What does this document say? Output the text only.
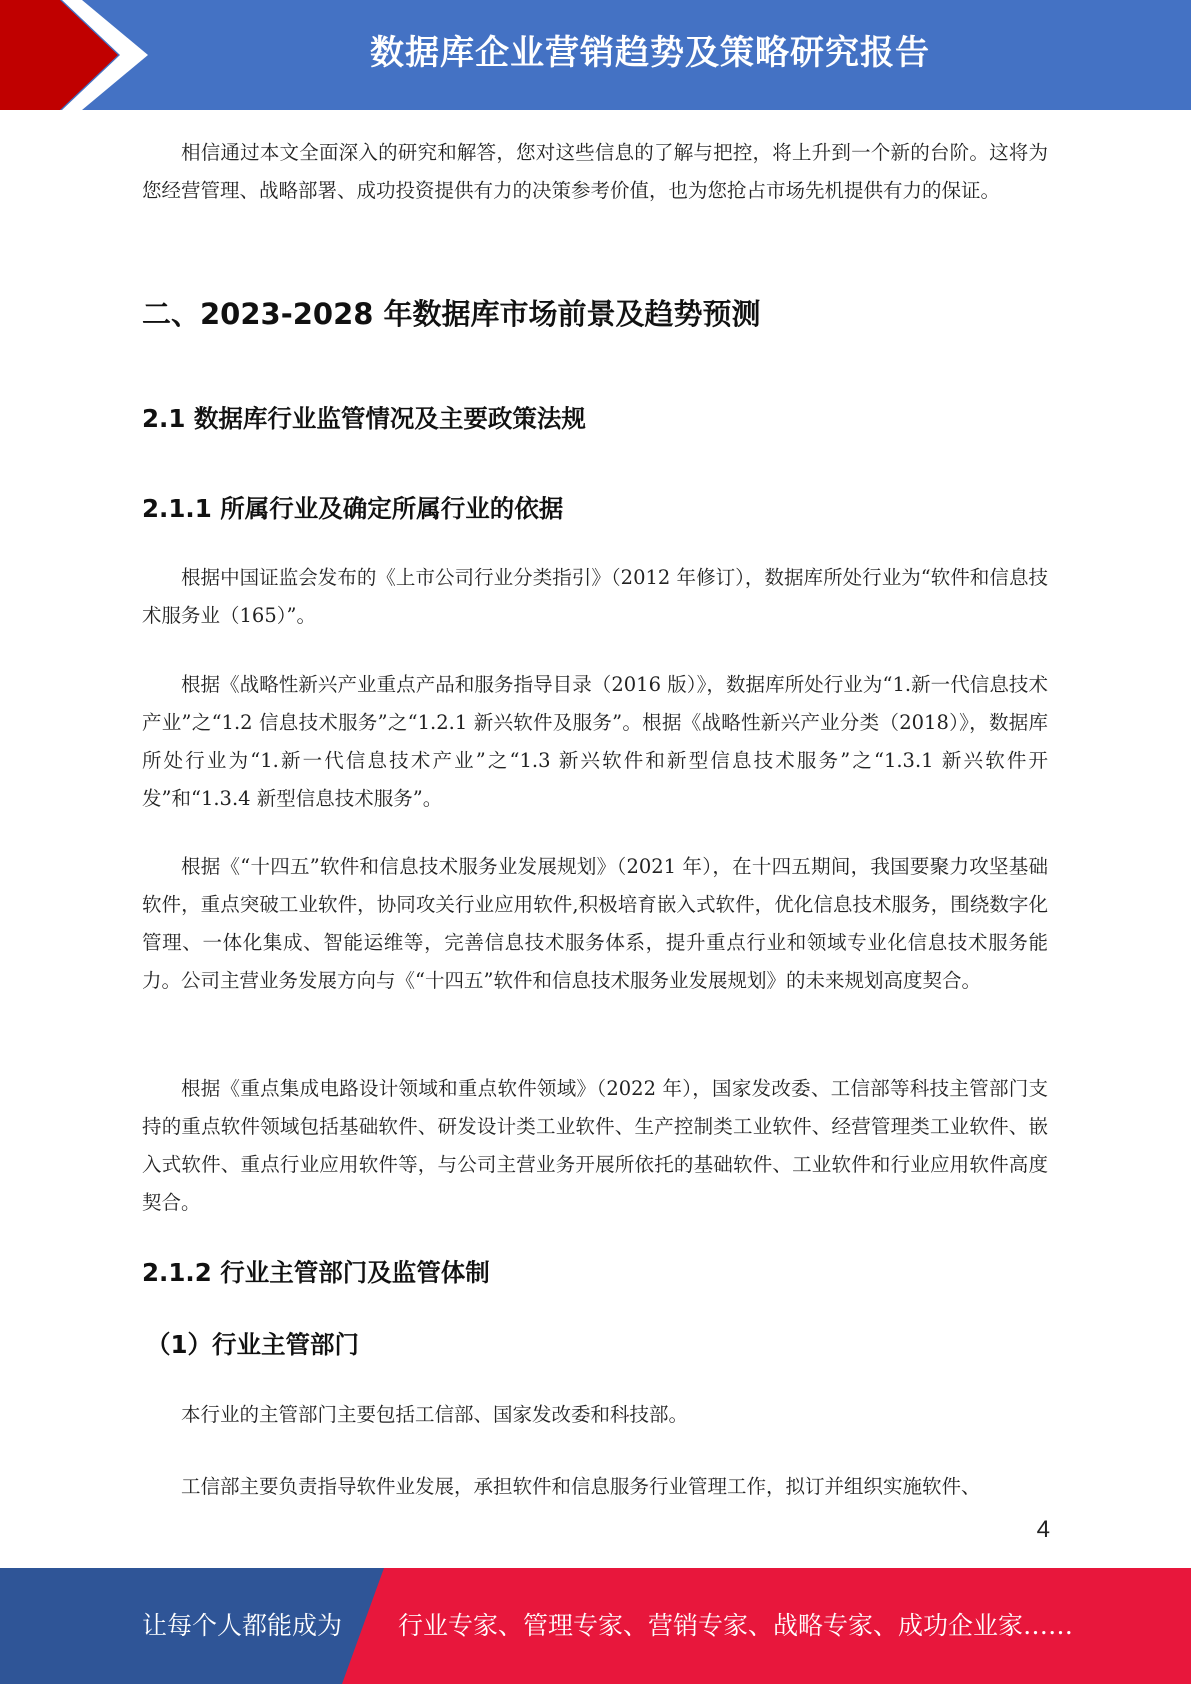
数据库企业营销趋势及策略研究报告

相信通过本文全面深入的研究和解答，您对这些信息的了解与把控，将上升到一个新的台阶。这将为您经营管理、战略部署、成功投资提供有力的决策参考价值，也为您抢占市场先机提供有力的保证。

二、2023-2028 年数据库市场前景及趋势预测
2.1 数据库行业监管情况及主要政策法规
2.1.1 所属行业及确定所属行业的依据

根据中国证监会发布的《上市公司行业分类指引》（2012 年修订），数据库所处行业为“软件和信息技术服务业（165）”。

根据《战略性新兴产业重点产品和服务指导目录（2016 版）》，数据库所处行业为“1.新一代信息技术产业”之“1.2 信息技术服务”之“1.2.1 新兴软件及服务”。根据《战略性新兴产业分类（2018）》，数据库所处行业为“1.新一代信息技术产业”之“1.3 新兴软件和新型信息技术服务”之“1.3.1 新兴软件开发”和“1.3.4 新型信息技术服务”。

根据《“十四五”软件和信息技术服务业发展规划》（2021 年），在十四五期间，我国要聚力攻坚基础软件，重点突破工业软件，协同攻关行业应用软件,积极培育嵌入式软件，优化信息技术服务，围绕数字化管理、一体化集成、智能运维等，完善信息技术服务体系，提升重点行业和领域专业化信息技术服务能力。公司主营业务发展方向与《“十四五”软件和信息技术服务业发展规划》的未来规划高度契合。

根据《重点集成电路设计领域和重点软件领域》（2022 年），国家发改委、工信部等科技主管部门支持的重点软件领域包括基础软件、研发设计类工业软件、生产控制类工业软件、经营管理类工业软件、嵌入式软件、重点行业应用软件等，与公司主营业务开展所依托的基础软件、工业软件和行业应用软件高度契合。

2.1.2 行业主管部门及监管体制
（1）行业主管部门

本行业的主管部门主要包括工信部、国家发改委和科技部。

工信部主要负责指导软件业发展，承担软件和信息服务行业管理工作，拟订并组织实施软件、

4
让每个人都能成为 行业专家、管理专家、营销专家、战略专家、成功企业家……
